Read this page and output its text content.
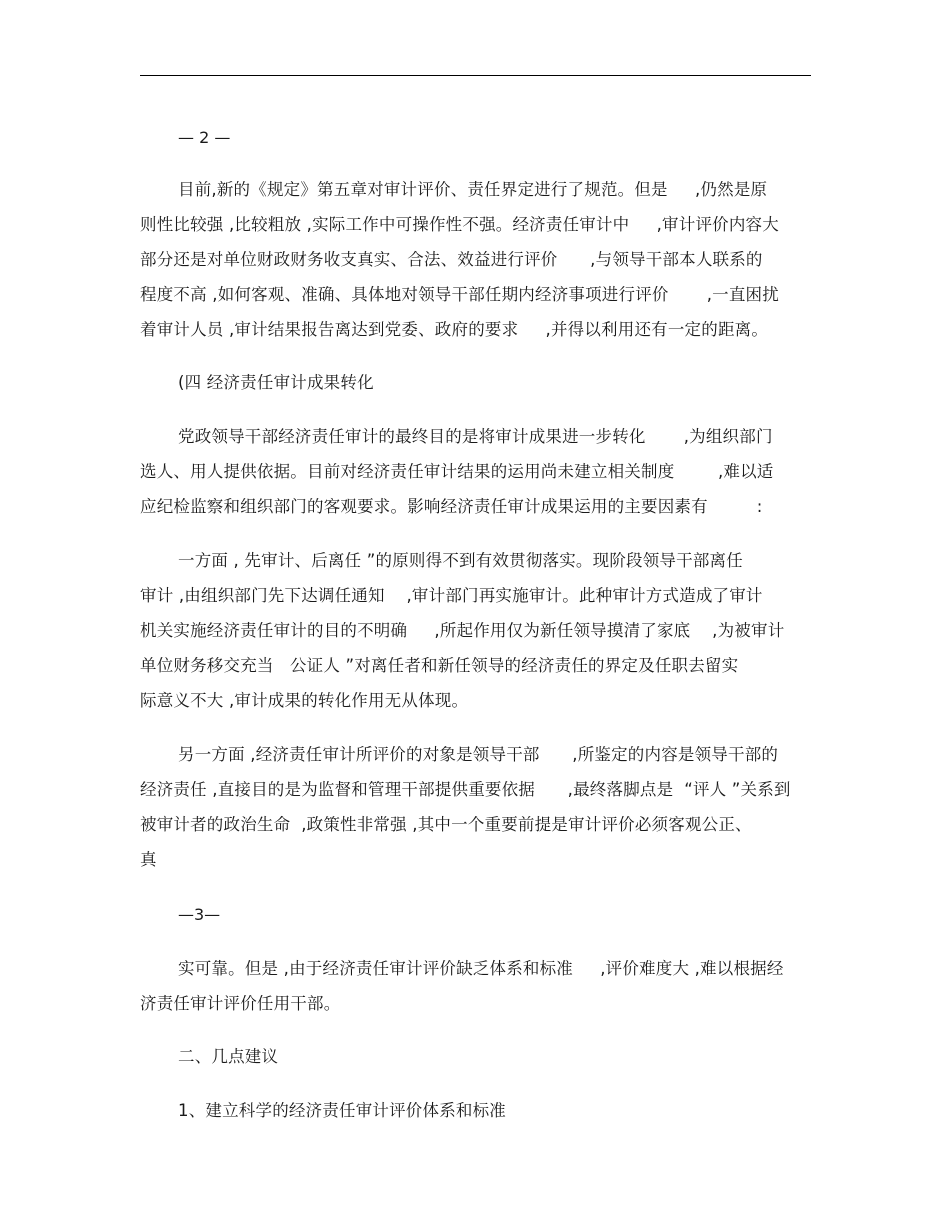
— 2 —
目前,新的《规定》第五章对审计评价、责任界定进行了规范。但是     ,仍然是原
则性比较强 ,比较粗放 ,实际工作中可操作性不强。经济责任审计中     ,审计评价内容大
部分还是对单位财政财务收支真实、合法、效益进行评价      ,与领导干部本人联系的
程度不高 ,如何客观、准确、具体地对领导干部任期内经济事项进行评价       ,一直困扰
着审计人员 ,审计结果报告离达到党委、政府的要求     ,并得以利用还有一定的距离。
(四 经济责任审计成果转化
党政领导干部经济责任审计的最终目的是将审计成果进一步转化       ,为组织部门
选人、用人提供依据。目前对经济责任审计结果的运用尚未建立相关制度        ,难以适
应纪检监察和组织部门的客观要求。影响经济责任审计成果运用的主要因素有         :
一方面 , 先审计、后离任 ”的原则得不到有效贯彻落实。现阶段领导干部离任
审计 ,由组织部门先下达调任通知    ,审计部门再实施审计。此种审计方式造成了审计
机关实施经济责任审计的目的不明确     ,所起作用仅为新任领导摸清了家底    ,为被审计
单位财务移交充当   公证人 ”对离任者和新任领导的经济责任的界定及任职去留实
际意义不大 ,审计成果的转化作用无从体现。
另一方面 ,经济责任审计所评价的对象是领导干部      ,所鉴定的内容是领导干部的
经济责任 ,直接目的是为监督和管理干部提供重要依据      ,最终落脚点是  “评人 ”关系到
被审计者的政治生命  ,政策性非常强 ,其中一个重要前提是审计评价必须客观公正、
真
—3—
实可靠。但是 ,由于经济责任审计评价缺乏体系和标准     ,评价难度大 ,难以根据经
济责任审计评价任用干部。
二、几点建议
1、建立科学的经济责任审计评价体系和标准
